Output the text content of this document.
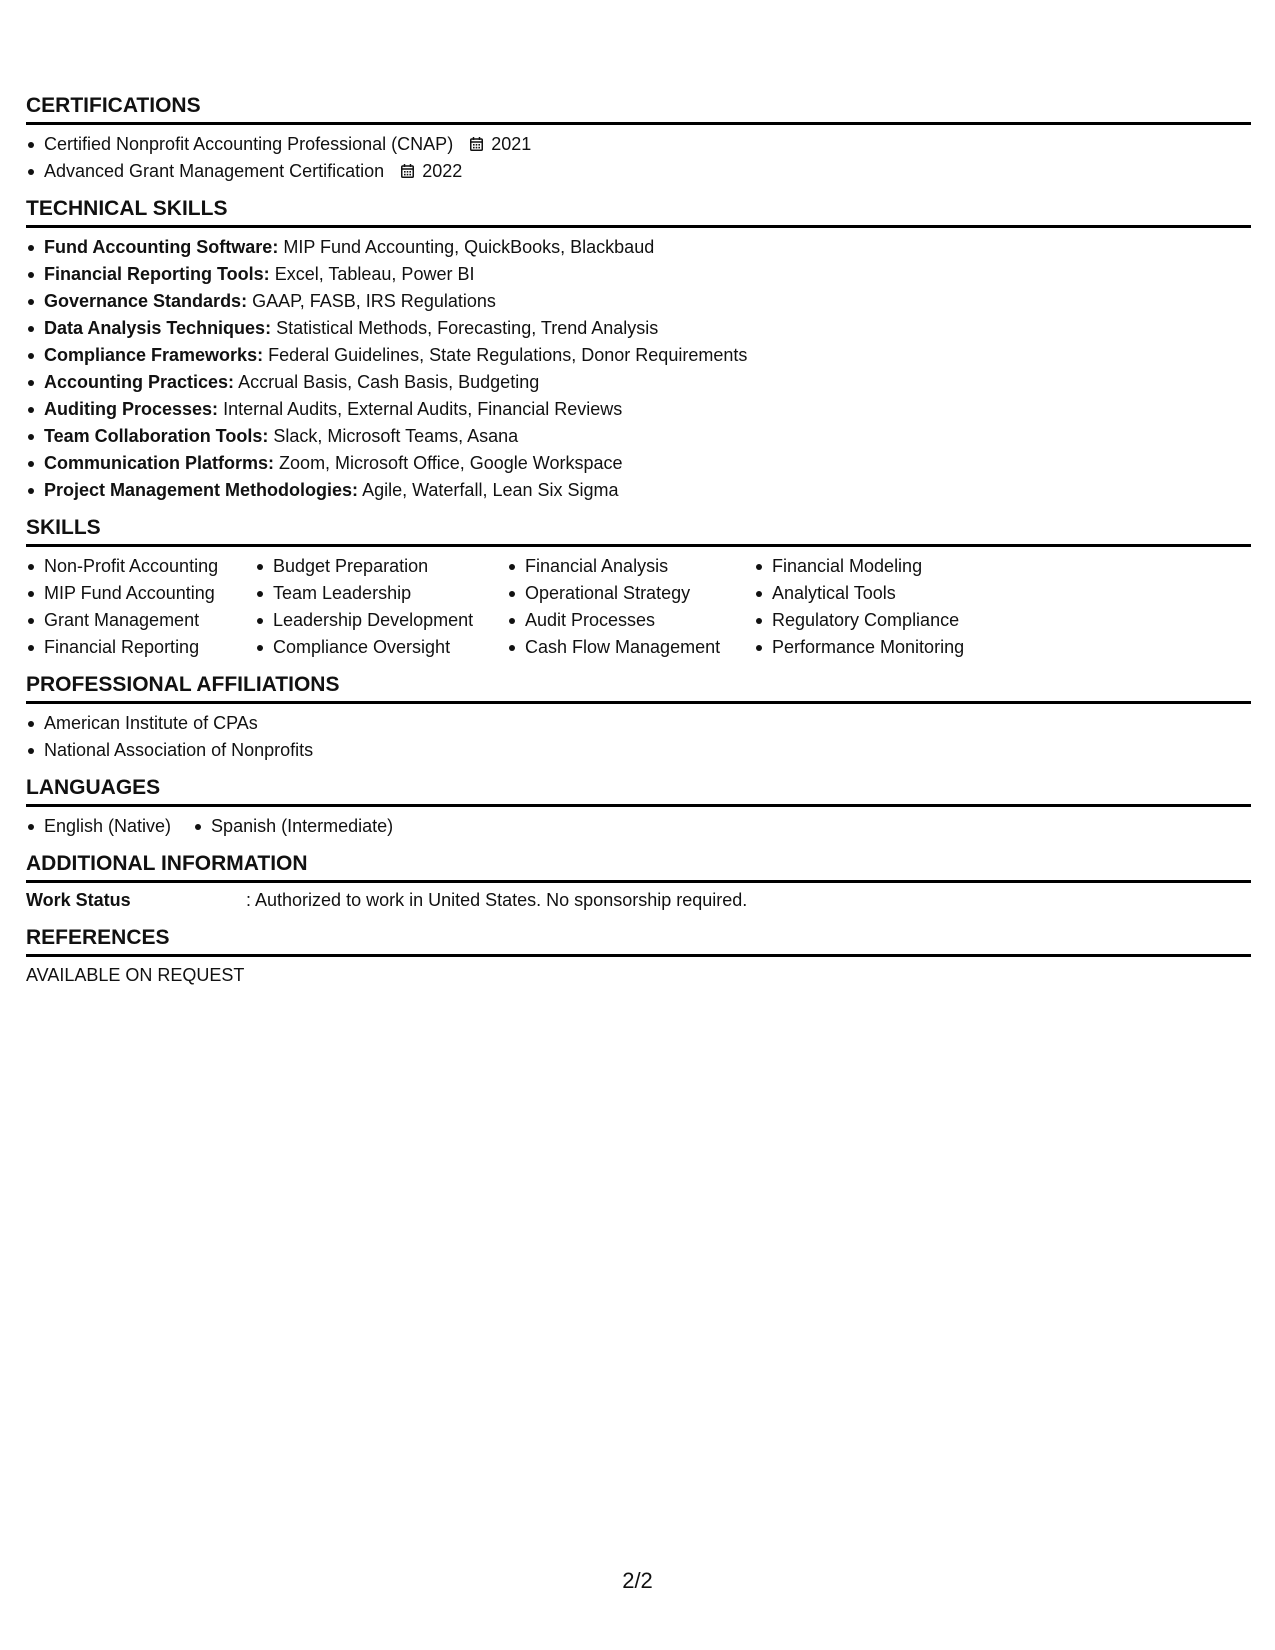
CERTIFICATIONS
Certified Nonprofit Accounting Professional (CNAP) 2021
Advanced Grant Management Certification 2022
TECHNICAL SKILLS
Fund Accounting Software: MIP Fund Accounting, QuickBooks, Blackbaud
Financial Reporting Tools: Excel, Tableau, Power BI
Governance Standards: GAAP, FASB, IRS Regulations
Data Analysis Techniques: Statistical Methods, Forecasting, Trend Analysis
Compliance Frameworks: Federal Guidelines, State Regulations, Donor Requirements
Accounting Practices: Accrual Basis, Cash Basis, Budgeting
Auditing Processes: Internal Audits, External Audits, Financial Reviews
Team Collaboration Tools: Slack, Microsoft Teams, Asana
Communication Platforms: Zoom, Microsoft Office, Google Workspace
Project Management Methodologies: Agile, Waterfall, Lean Six Sigma
SKILLS
Non-Profit Accounting
MIP Fund Accounting
Grant Management
Financial Reporting
Budget Preparation
Team Leadership
Leadership Development
Compliance Oversight
Financial Analysis
Operational Strategy
Audit Processes
Cash Flow Management
Financial Modeling
Analytical Tools
Regulatory Compliance
Performance Monitoring
PROFESSIONAL AFFILIATIONS
American Institute of CPAs
National Association of Nonprofits
LANGUAGES
English (Native)	Spanish (Intermediate)
ADDITIONAL INFORMATION
Work Status	: Authorized to work in United States. No sponsorship required.
REFERENCES
AVAILABLE ON REQUEST
2/2
